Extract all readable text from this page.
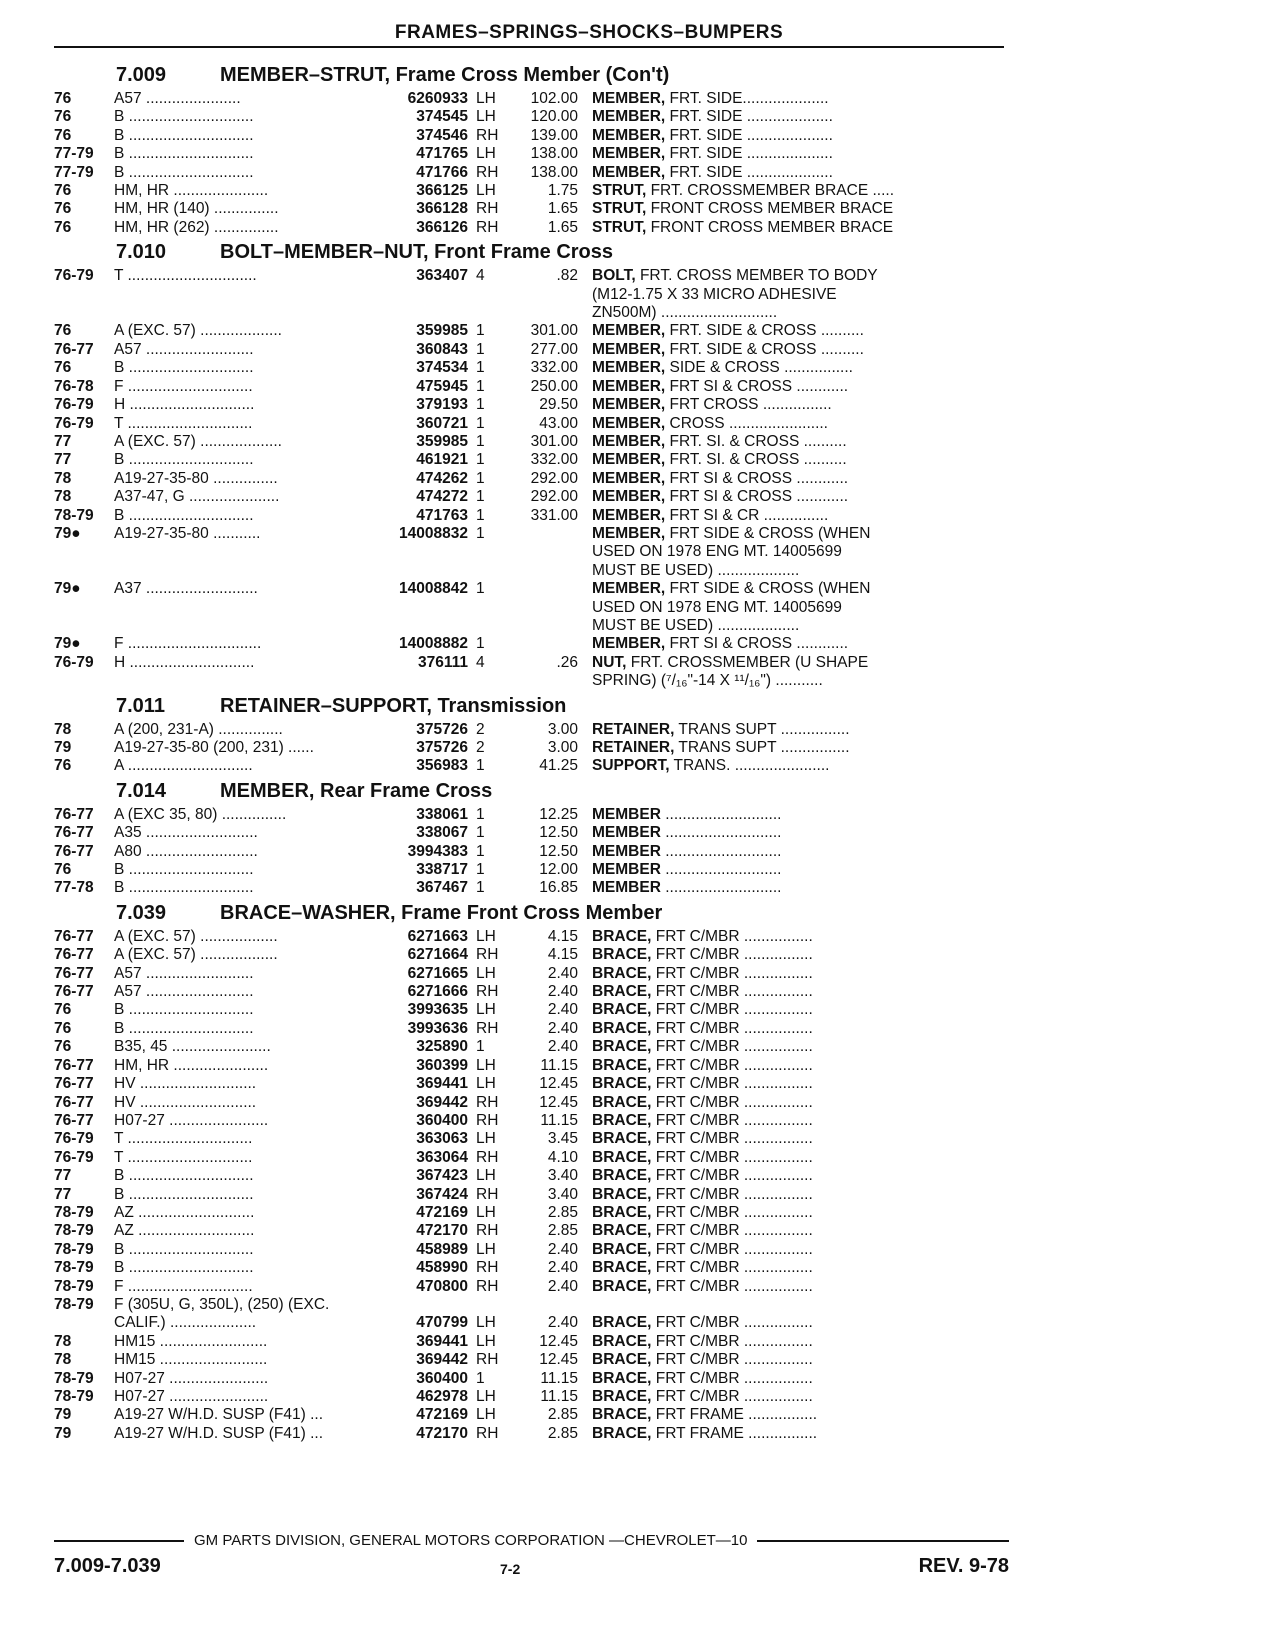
FRAMES–SPRINGS–SHOCKS–BUMPERS
7.009	MEMBER–STRUT, Frame Cross Member (Con't)
76	A57 ......................	6260933 LH	102.00 MEMBER, FRT. SIDE....................
76	B .............................	374545 LH	120.00 MEMBER, FRT. SIDE ....................
76	B .............................	374546 RH	139.00 MEMBER, FRT. SIDE ....................
77-79	B .............................	471765 LH	138.00 MEMBER, FRT. SIDE ....................
77-79	B .............................	471766 RH	138.00 MEMBER, FRT. SIDE ....................
76	HM, HR ......................	366125 LH	1.75 STRUT, FRT. CROSSMEMBER BRACE .....
76	HM, HR (140) ...............	366128 RH	1.65 STRUT, FRONT CROSS MEMBER BRACE
76	HM, HR (262) ...............	366126 RH	1.65 STRUT, FRONT CROSS MEMBER BRACE
7.010	BOLT–MEMBER–NUT, Front Frame Cross
76-79	T ..............................	363407 4	.82 BOLT, FRT. CROSS MEMBER TO BODY
(M12-1.75 X 33 MICRO ADHESIVE
ZN500M) ...........................
76	A (EXC. 57) ...................	359985 1	301.00 MEMBER, FRT. SIDE & CROSS ..........
76-77	A57 .........................	360843 1	277.00 MEMBER, FRT. SIDE & CROSS ..........
76	B .............................	374534 1	332.00 MEMBER, SIDE & CROSS ................
76-78	F .............................	475945 1	250.00 MEMBER, FRT SI & CROSS ............
76-79	H .............................	379193 1	29.50 MEMBER, FRT CROSS ................
76-79	T .............................	360721 1	43.00 MEMBER, CROSS .......................
77	A (EXC. 57) ...................	359985 1	301.00 MEMBER, FRT. SI. & CROSS ..........
77	B .............................	461921 1	332.00 MEMBER, FRT. SI. & CROSS ..........
78	A19-27-35-80 ...............	474262 1	292.00 MEMBER, FRT SI & CROSS ............
78	A37-47, G .....................	474272 1	292.00 MEMBER, FRT SI & CROSS ............
78-79	B .............................	471763 1	331.00 MEMBER, FRT SI & CR ...............
79●	A19-27-35-80 ...........	14008832 1	MEMBER, FRT SIDE & CROSS (WHEN
USED ON 1978 ENG MT. 14005699
MUST BE USED) ...................
79●	A37 ..........................	14008842 1	MEMBER, FRT SIDE & CROSS (WHEN
USED ON 1978 ENG MT. 14005699
MUST BE USED) ...................
79●	F ...............................	14008882 1	MEMBER, FRT SI & CROSS ............
76-79	H .............................	376111 4	.26 NUT, FRT. CROSSMEMBER (U SHAPE
SPRING) (⁷/₁₆"-14 X ¹¹/₁₆") ...........
7.011	RETAINER–SUPPORT, Transmission
78	A (200, 231-A) ...............	375726 2	3.00 RETAINER, TRANS SUPT ................
79	A19-27-35-80 (200, 231) ......	375726 2	3.00 RETAINER, TRANS SUPT ................
76	A .............................	356983 1	41.25 SUPPORT, TRANS. ......................
7.014	MEMBER, Rear Frame Cross
76-77	A (EXC 35, 80) ...............	338061 1	12.25 MEMBER ...........................
76-77	A35 ..........................	338067 1	12.50 MEMBER ...........................
76-77	A80 ..........................	3994383 1	12.50 MEMBER ...........................
76	B .............................	338717 1	12.00 MEMBER ...........................
77-78	B .............................	367467 1	16.85 MEMBER ...........................
7.039	BRACE–WASHER, Frame Front Cross Member
76-77	A (EXC. 57) ..................	6271663 LH	4.15 BRACE, FRT C/MBR ................
76-77	A (EXC. 57) ..................	6271664 RH	4.15 BRACE, FRT C/MBR ................
76-77	A57 .........................	6271665 LH	2.40 BRACE, FRT C/MBR ................
76-77	A57 .........................	6271666 RH	2.40 BRACE, FRT C/MBR ................
76	B .............................	3993635 LH	2.40 BRACE, FRT C/MBR ................
76	B .............................	3993636 RH	2.40 BRACE, FRT C/MBR ................
76	B35, 45 .......................	325890 1	2.40 BRACE, FRT C/MBR ................
76-77	HM, HR ......................	360399 LH	11.15 BRACE, FRT C/MBR ................
76-77	HV ...........................	369441 LH	12.45 BRACE, FRT C/MBR ................
76-77	HV ...........................	369442 RH	12.45 BRACE, FRT C/MBR ................
76-77	H07-27 .......................	360400 RH	11.15 BRACE, FRT C/MBR ................
76-79	T .............................	363063 LH	3.45 BRACE, FRT C/MBR ................
76-79	T .............................	363064 RH	4.10 BRACE, FRT C/MBR ................
77	B .............................	367423 LH	3.40 BRACE, FRT C/MBR ................
77	B .............................	367424 RH	3.40 BRACE, FRT C/MBR ................
78-79	AZ ...........................	472169 LH	2.85 BRACE, FRT C/MBR ................
78-79	AZ ...........................	472170 RH	2.85 BRACE, FRT C/MBR ................
78-79	B .............................	458989 LH	2.40 BRACE, FRT C/MBR ................
78-79	B .............................	458990 RH	2.40 BRACE, FRT C/MBR ................
78-79	F .............................	470800 RH	2.40 BRACE, FRT C/MBR ................
78-79	F (305U, G, 350L), (250) (EXC.
CALIF.) ....................	470799 LH	2.40 BRACE, FRT C/MBR ................
78	HM15 .........................	369441 LH	12.45 BRACE, FRT C/MBR ................
78	HM15 .........................	369442 RH	12.45 BRACE, FRT C/MBR ................
78-79	H07-27 .......................	360400 1	11.15 BRACE, FRT C/MBR ................
78-79	H07-27 .......................	462978 LH	11.15 BRACE, FRT C/MBR ................
79	A19-27 W/H.D. SUSP (F41) ...	472169 LH	2.85 BRACE, FRT FRAME ................
79	A19-27 W/H.D. SUSP (F41) ...	472170 RH	2.85 BRACE, FRT FRAME ................
GM PARTS DIVISION, GENERAL MOTORS CORPORATION —CHEVROLET—10
7.009-7.039	7-2	REV. 9-78
